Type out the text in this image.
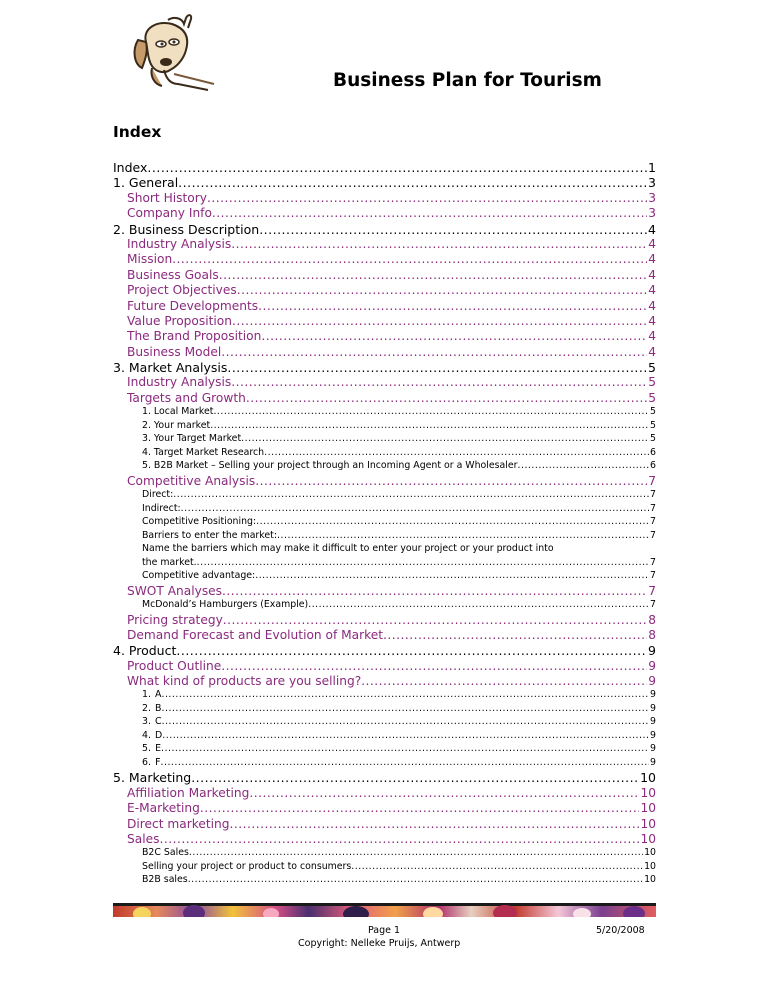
Business Plan for Tourism
Index
Index .....	1
1. General .....	3
Short History .....	3
Company Info .....	3
2. Business Description .....	4
Industry Analysis .....	4
Mission .....	4
Business Goals .....	4
Project Objectives .....	4
Future Developments .....	4
Value Proposition .....	4
The Brand Proposition .....	4
Business Model .....	4
3. Market Analysis .....	5
Industry Analysis .....	5
Targets and Growth .....	5
1. Local Market .....	5
2. Your market .....	5
3. Your Target Market .....	5
4. Target Market Research .....	6
5. B2B Market – Selling your project through an Incoming Agent or a Wholesaler .....	6
Competitive Analysis .....	7
Direct: .....	7
Indirect: .....	7
Competitive Positioning: .....	7
Barriers to enter the market: .....	7
Name the barriers which may make it difficult to enter your project or your product into
the market. .....	7
Competitive advantage: .....	7
SWOT Analyses .....	7
McDonald’s Hamburgers (Example) .....	7
Pricing strategy .....	8
Demand Forecast and Evolution of Market .....	8
4. Product .....	9
Product Outline .....	9
What kind of products are you selling? .....	9
1. A .....	9
2. B .....	9
3. C .....	9
4. D .....	9
5. E .....	9
6. F .....	9
5. Marketing .....	10
Affiliation Marketing .....	10
E-Marketing .....	10
Direct marketing .....	10
Sales .....	10
B2C Sales .....	10
Selling your project or product to consumers .....	10
B2B sales .....	10
Page 1	5/20/2008
Copyright: Nelleke Pruijs, Antwerp
